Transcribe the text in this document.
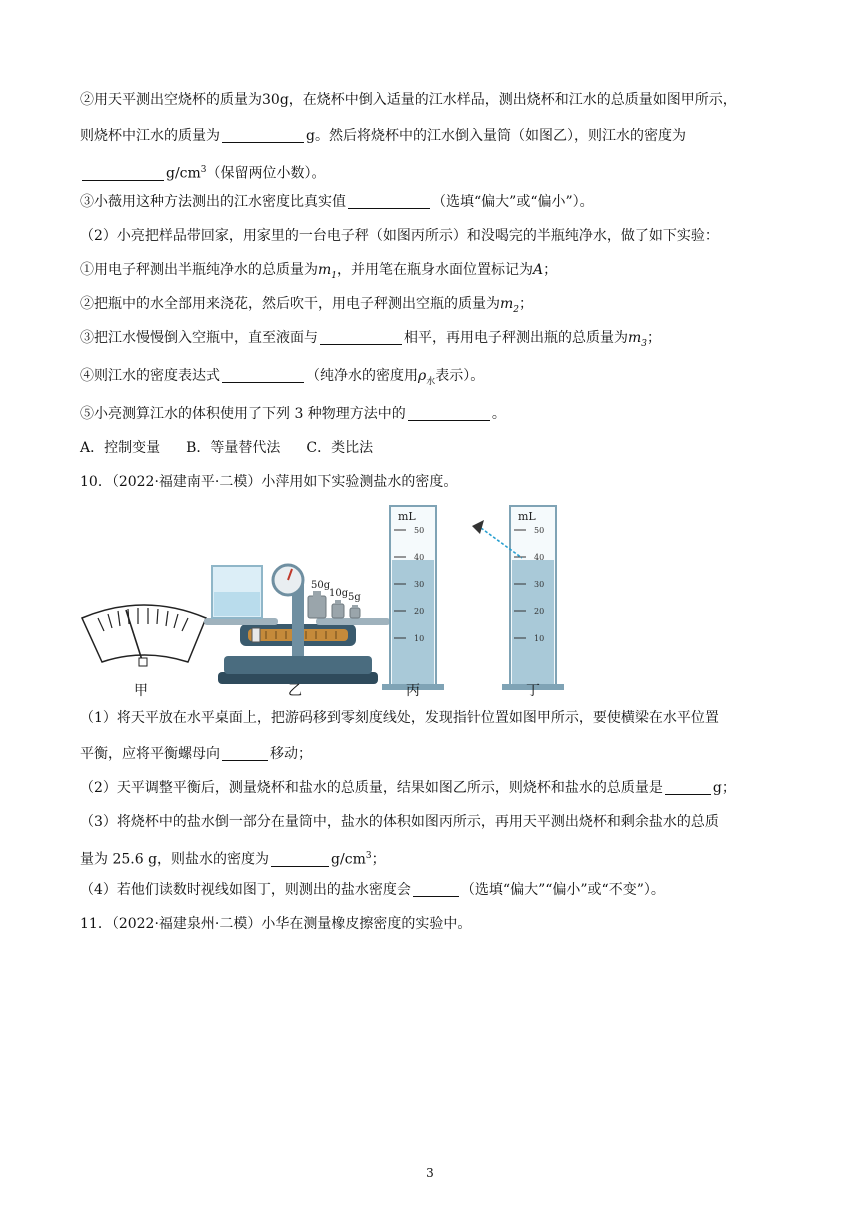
②用天平测出空烧杯的质量为30g，在烧杯中倒入适量的江水样品，测出烧杯和江水的总质量如图甲所示，
则烧杯中江水的质量为	g。然后将烧杯中的江水倒入量筒（如图乙），则江水的密度为
$g/cm^3$（保留两位小数）。
③小薇用这种方法测出的江水密度比真实值	（选填“偏大”或“偏小”）。
（2）小亮把样品带回家，用家里的一台电子秤（如图丙所示）和没喝完的半瓶纯净水，做了如下实验：
①用电子秤测出半瓶纯净水的总质量为$m_1$，并用笔在瓶身水面位置标记为A；
②把瓶中的水全部用来浇花，然后吹干，用电子秤测出空瓶的质量为$m_2$；
③把江水慢慢倒入空瓶中，直至液面与	相平，再用电子秤测出瓶的总质量为$m_3$；
④则江水的密度表达式	（纯净水的密度用$\rho_水$表示）。
⑤小亮测算江水的体积使用了下列 3 种物理方法中的	。
A．控制变量 B．等量替代法 C．类比法
10．（2022·福建南平·二模）小萍用如下实验测盐水的密度。
50g
10g 5g
mL
50
40
30
20
10
mL
50
40
30
20
10
甲	乙	丙	丁
（1）将天平放在水平桌面上，把游码移到零刻度线处，发现指针位置如图甲所示，要使横梁在水平位置
平衡，应将平衡螺母向	移动；
（2）天平调整平衡后，测量烧杯和盐水的总质量，结果如图乙所示，则烧杯和盐水的总质量是	g；
（3）将烧杯中的盐水倒一部分在量筒中，盐水的体积如图丙所示，再用天平测出烧杯和剩余盐水的总质
量为 25.6 g，则盐水的密度为	$g/cm^3$；
（4）若他们读数时视线如图丁，则测出的盐水密度会	（选填“偏大”“偏小”或“不变”）。
11．（2022·福建泉州·二模）小华在测量橡皮擦密度的实验中。
3
